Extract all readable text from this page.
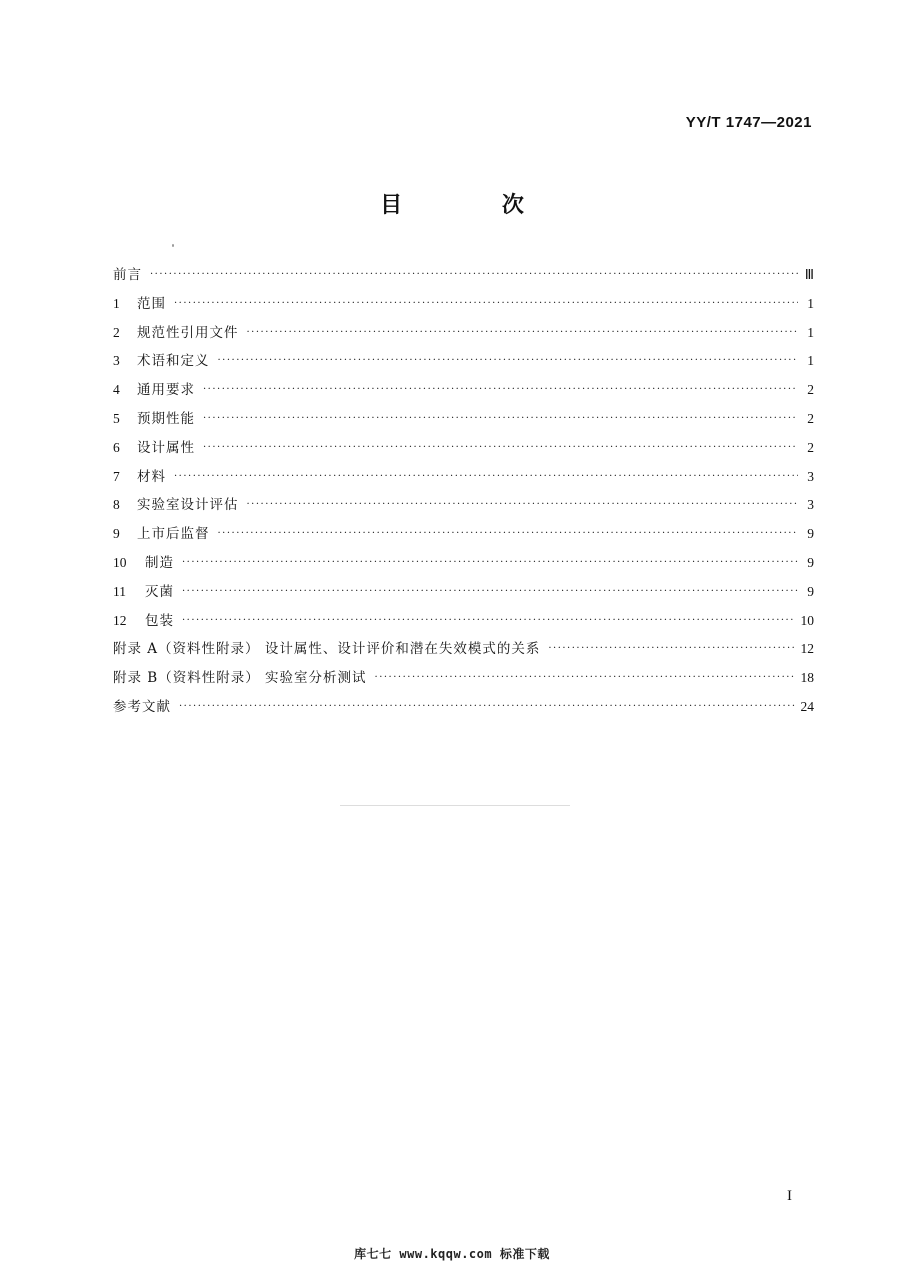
YY/T 1747—2021
目 次
前言 ·····	Ⅲ
1	范围 ·····	1
2	规范性引用文件 ·····	1
3	术语和定义 ·····	1
4	通用要求 ·····	2
5	预期性能 ·····	2
6	设计属性 ·····	2
7	材料 ·····	3
8	实验室设计评估 ·····	3
9	上市后监督 ·····	9
10	制造 ·····	9
11	灭菌 ·····	9
12	包装 ·····	10
附录 A（资料性附录） 设计属性、设计评价和潜在失效模式的关系 ·····	12
附录 B（资料性附录） 实验室分析测试 ·····	18
参考文献 ·····	24
I
库七七 www.kqqw.com 标准下载
